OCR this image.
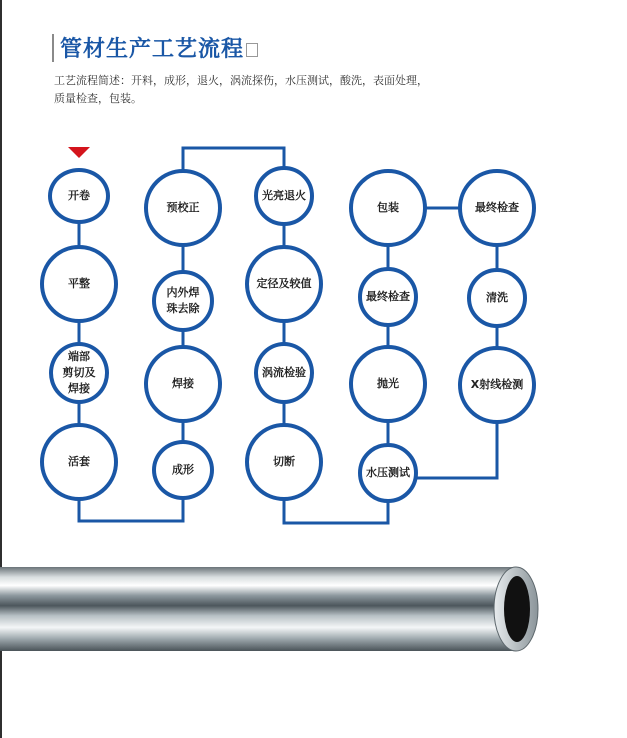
管材生产工艺流程
工艺流程简述：开料，成形，退火，涡流探伤，水压测试，酸洗，表面处理，质量检查，包装。
开卷
平整
端部
剪切及
焊接
活套
预校正
内外焊
珠去除
焊接
成形
光亮退火
定径及较值
涡流检验
切断
包装
最终检查
抛光
水压测试
最终检查
清洗
X射线检测
